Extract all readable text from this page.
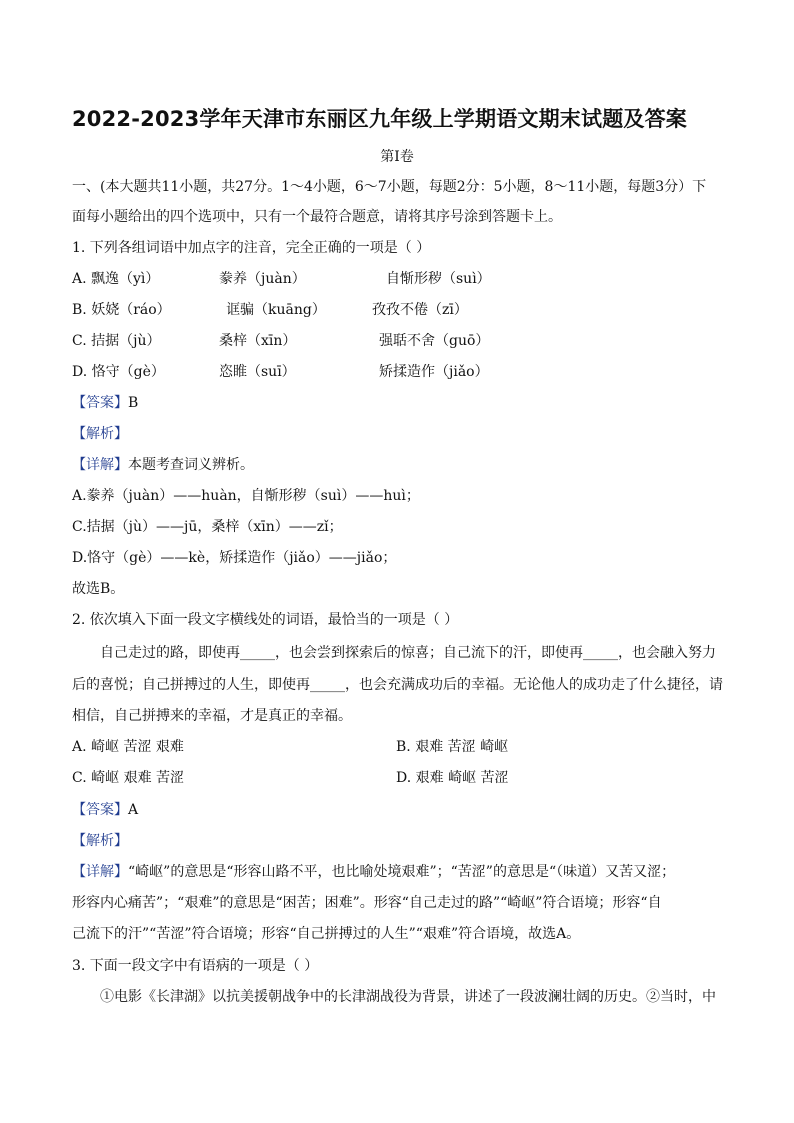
2022-2023学年天津市东丽区九年级上学期语文期末试题及答案
第Ⅰ卷
一、(本大题共11小题，共27分。1～4小题，6～7小题，每题2分：5小题，8～11小题，每题3分）下
面每小题给出的四个选项中，只有一个最符合题意，请将其序号涂到答题卡上。
1. 下列各组词语中加点字的注音，完全正确的一项是（ ）
A. 飘逸（yì）	豢养（juàn）	自惭形秽（suì）
B. 妖娆（ráo）	诓骗（kuāng）	孜孜不倦（zī）
C. 拮据（jù）	桑梓（xīn）	强聒不舍（guō）
D. 恪守（gè）	恣睢（suī）	矫揉造作（jiǎo）
【答案】B
【解析】
【详解】本题考查词义辨析。
A.豢养（juàn）——huàn，自惭形秽（suì）——huì；
C.拮据（jù）——jū，桑梓（xīn）——zǐ；
D.恪守（gè）——kè，矫揉造作（jiǎo）——jiǎo；
故选B。
2. 依次填入下面一段文字横线处的词语，最恰当的一项是（ ）
自己走过的路，即使再_____，也会尝到探索后的惊喜；自己流下的汗，即使再_____，也会融入努力
后的喜悦；自己拼搏过的人生，即使再_____，也会充满成功后的幸福。无论他人的成功走了什么捷径，请
相信，自己拼搏来的幸福，才是真正的幸福。
A. 崎岖 苦涩 艰难	B. 艰难 苦涩 崎岖
C. 崎岖 艰难 苦涩	D. 艰难 崎岖 苦涩
【答案】A
【解析】
【详解】“崎岖”的意思是“形容山路不平，也比喻处境艰难”；“苦涩”的意思是“（味道）又苦又涩；
形容内心痛苦”；“艰难”的意思是“困苦；困难”。形容“自己走过的路”“崎岖”符合语境；形容“自
己流下的汗”“苦涩”符合语境；形容“自己拼搏过的人生”“艰难”符合语境，故选A。
3. 下面一段文字中有语病的一项是（ ）
①电影《长津湖》以抗美援朝战争中的长津湖战役为背景，讲述了一段波澜壮阔的历史。②当时，中
